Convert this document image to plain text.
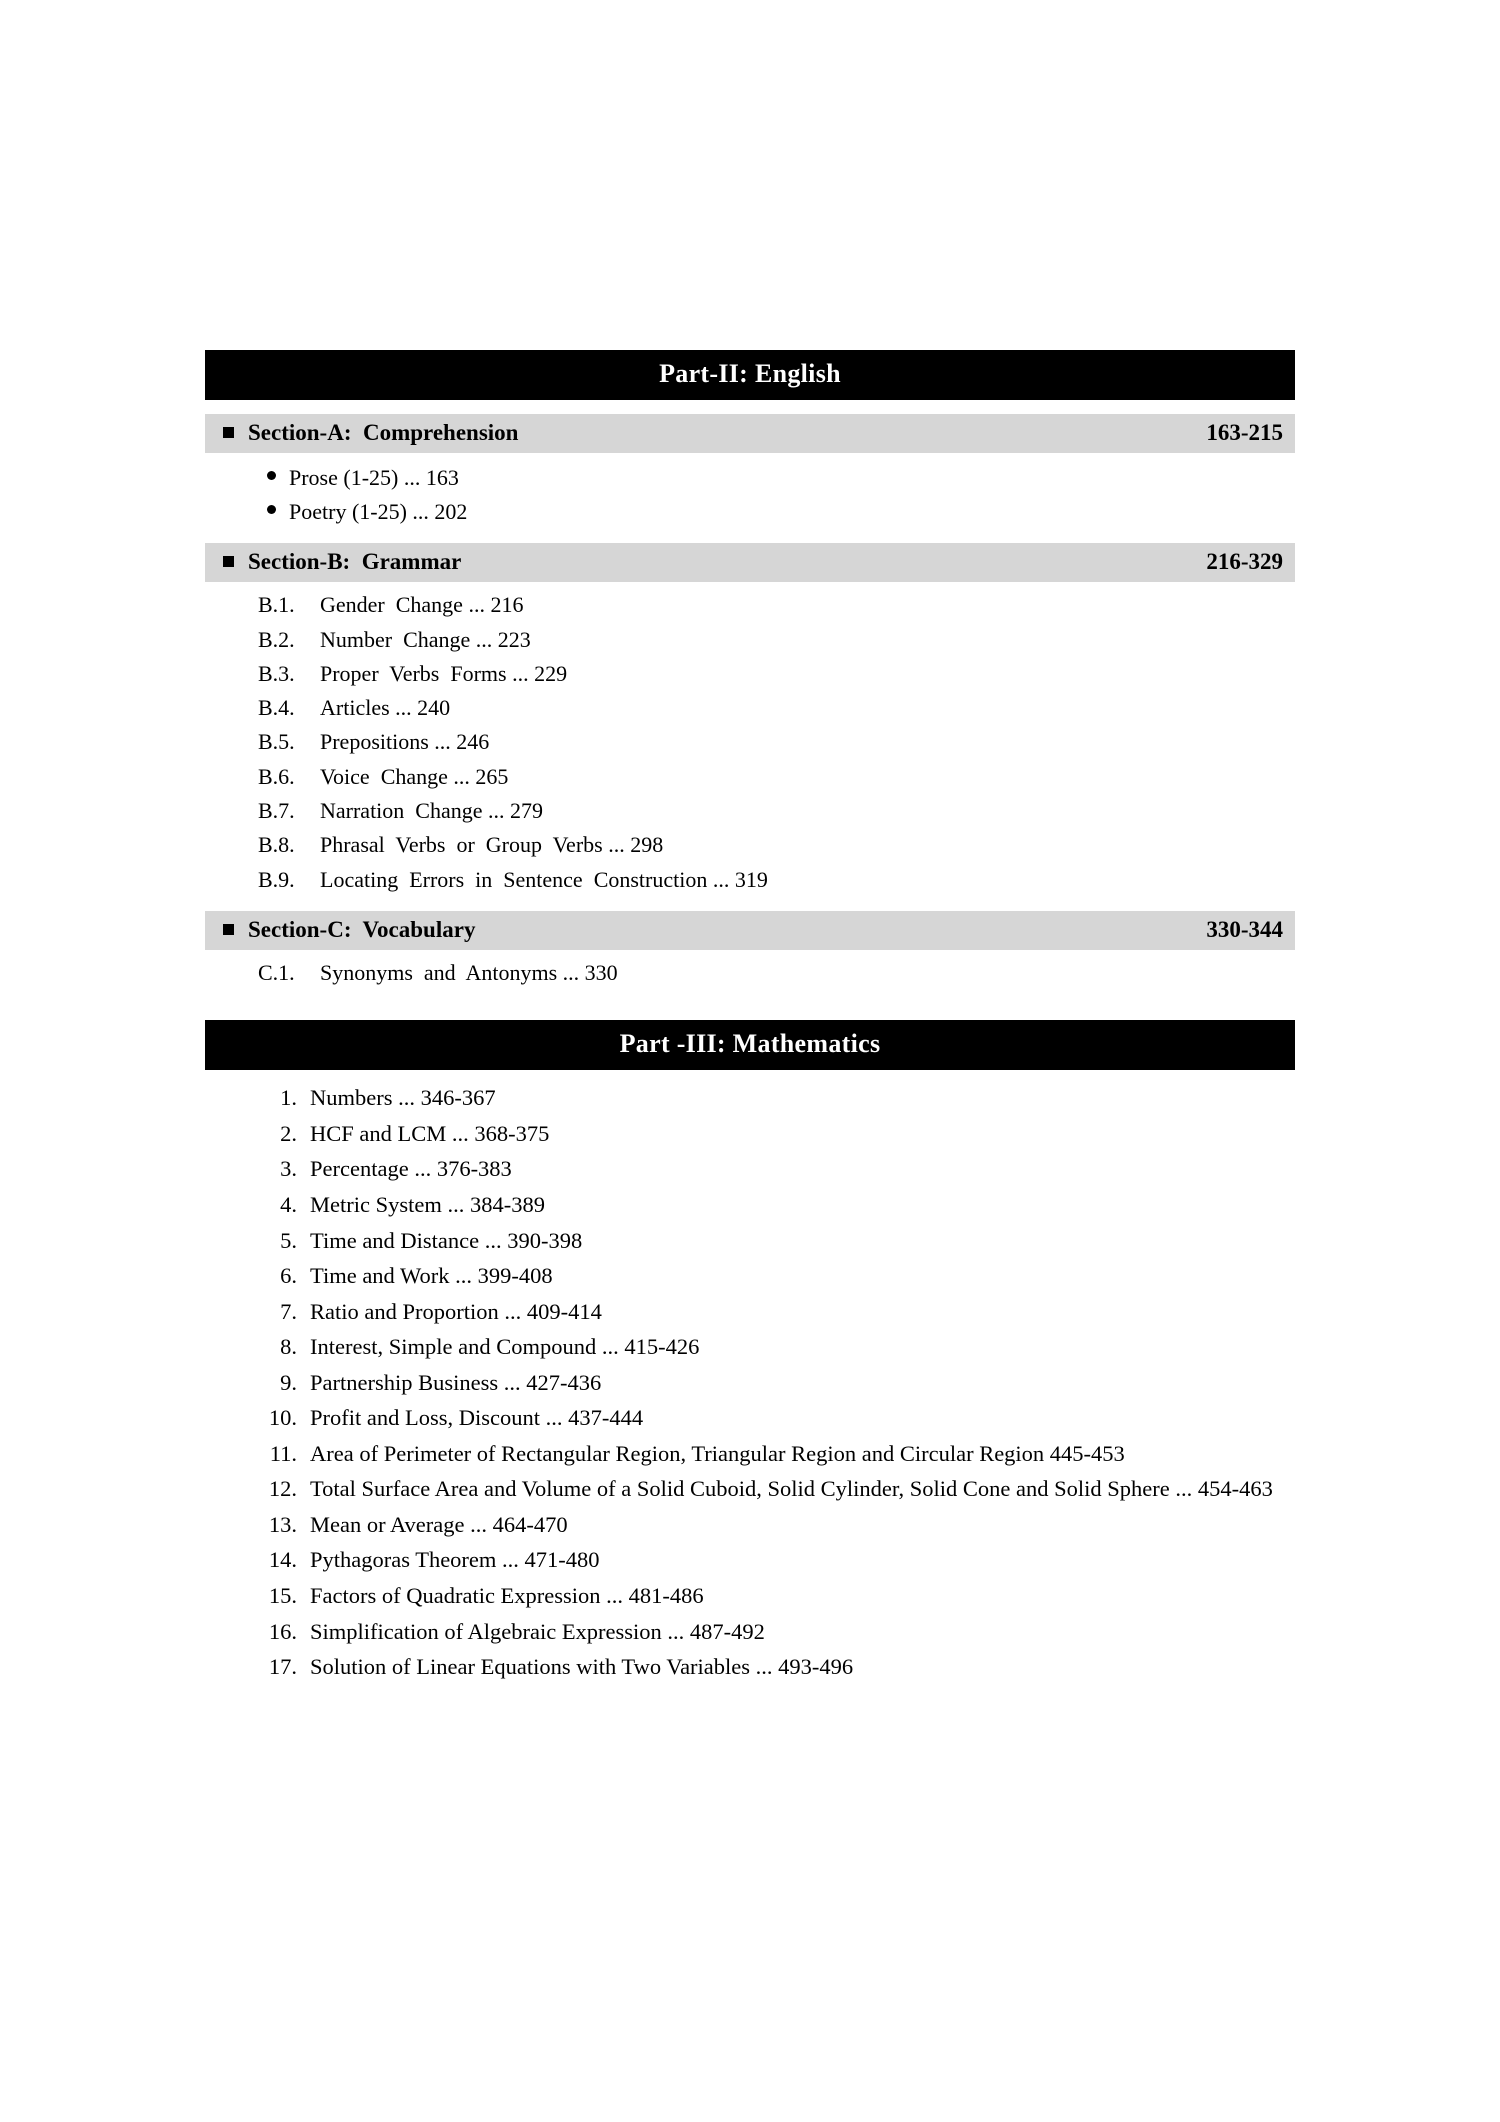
Part-II: English
Section-A:  Comprehension	163-215
Prose (1-25) ... 163
Poetry (1-25) ... 202
Section-B:  Grammar	216-329
B.1.	Gender  Change ... 216
B.2.	Number  Change ... 223
B.3.	Proper  Verbs  Forms ... 229
B.4.	Articles ... 240
B.5.	Prepositions ... 246
B.6.	Voice  Change ... 265
B.7.	Narration  Change ... 279
B.8.	Phrasal  Verbs  or  Group  Verbs ... 298
B.9.	Locating  Errors  in  Sentence  Construction ... 319
Section-C:  Vocabulary	330-344
C.1.	Synonyms  and  Antonyms ... 330
Part -III: Mathematics
1. Numbers ... 346-367
2. HCF and LCM ... 368-375
3. Percentage ... 376-383
4. Metric System ... 384-389
5. Time and Distance ... 390-398
6. Time and Work ... 399-408
7. Ratio and Proportion ... 409-414
8. Interest, Simple and Compound ... 415-426
9. Partnership Business ... 427-436
10. Profit and Loss, Discount ... 437-444
11. Area of Perimeter of Rectangular Region, Triangular Region and Circular Region 445-453
12. Total Surface Area and Volume of a Solid Cuboid, Solid Cylinder, Solid Cone and Solid Sphere ... 454-463
13. Mean or Average ... 464-470
14. Pythagoras Theorem ... 471-480
15. Factors of Quadratic Expression ... 481-486
16. Simplification of Algebraic Expression ... 487-492
17. Solution of Linear Equations with Two Variables ... 493-496
